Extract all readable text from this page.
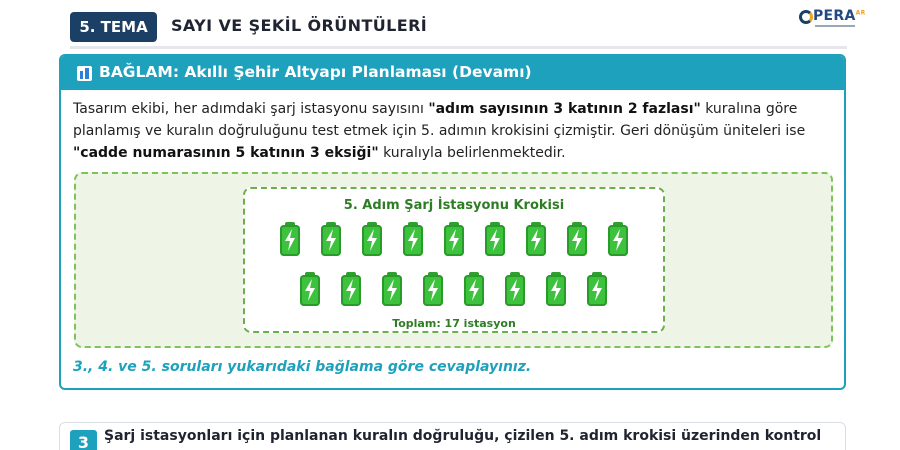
5. TEMA	SAYI VE ŞEKİL ÖRÜNTÜLERİ	$PERA^{AR}$
BAĞLAM: Akıllı Şehir Altyapı Planlaması (Devamı)
Tasarım ekibi, her adımdaki şarj istasyonu sayısını "adım sayısının 3 katının 2 fazlası" kuralına göre planlamış ve kuralın doğruluğunu test etmek için 5. adımın krokisini çizmiştir. Geri dönüşüm üniteleri ise "cadde numarasının 5 katının 3 eksiği" kuralıyla belirlenmektedir.
5. Adım Şarj İstasyonu Krokisi
Toplam: 17 istasyon
3., 4. ve 5. soruları yukarıdaki bağlama göre cevaplayınız.
3	Şarj istasyonları için planlanan kuralın doğruluğu, çizilen 5. adım krokisi üzerinden kontrol
